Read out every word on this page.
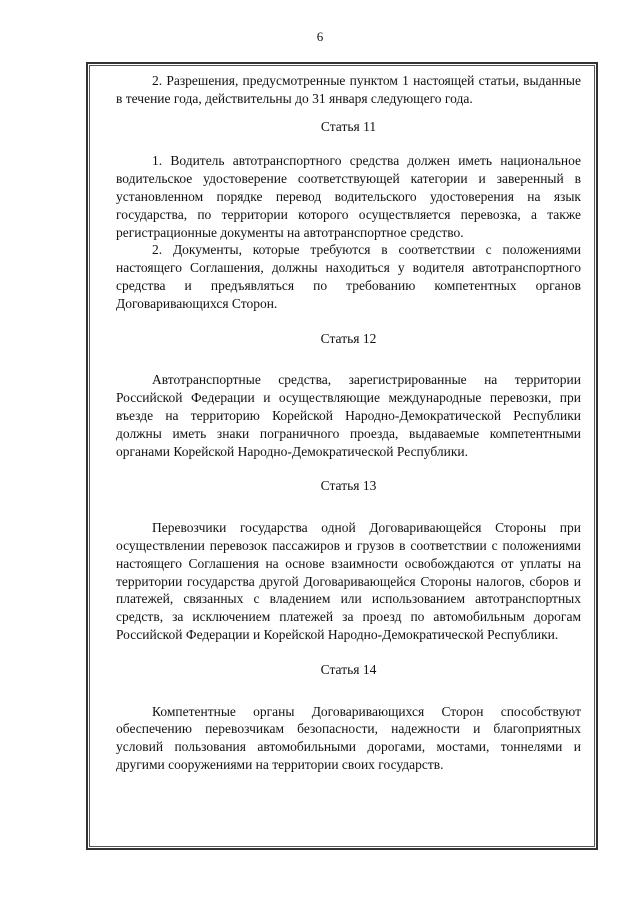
6

2. Разрешения, предусмотренные пунктом 1 настоящей статьи, выданные в течение года, действительны до 31 января следующего года.

Статья 11

1. Водитель автотранспортного средства должен иметь национальное водительское удостоверение соответствующей категории и заверенный в установленном порядке перевод водительского удостоверения на язык государства, по территории которого осуществляется перевозка, а также регистрационные документы на автотранспортное средство.

2. Документы, которые требуются в соответствии с положениями настоящего Соглашения, должны находиться у водителя автотранспортного средства и предъявляться по требованию компетентных органов Договаривающихся Сторон.

Статья 12

Автотранспортные средства, зарегистрированные на территории Российской Федерации и осуществляющие международные перевозки, при въезде на территорию Корейской Народно-Демократической Республики должны иметь знаки пограничного проезда, выдаваемые компетентными органами Корейской Народно-Демократической Республики.

Статья 13

Перевозчики государства одной Договаривающейся Стороны при осуществлении перевозок пассажиров и грузов в соответствии с положениями настоящего Соглашения на основе взаимности освобождаются от уплаты на территории государства другой Договаривающейся Стороны налогов, сборов и платежей, связанных с владением или использованием автотранспортных средств, за исключением платежей за проезд по автомобильным дорогам Российской Федерации и Корейской Народно-Демократической Республики.

Статья 14

Компетентные органы Договаривающихся Сторон способствуют обеспечению перевозчикам безопасности, надежности и благоприятных условий пользования автомобильными дорогами, мостами, тоннелями и другими сооружениями на территории своих государств.
